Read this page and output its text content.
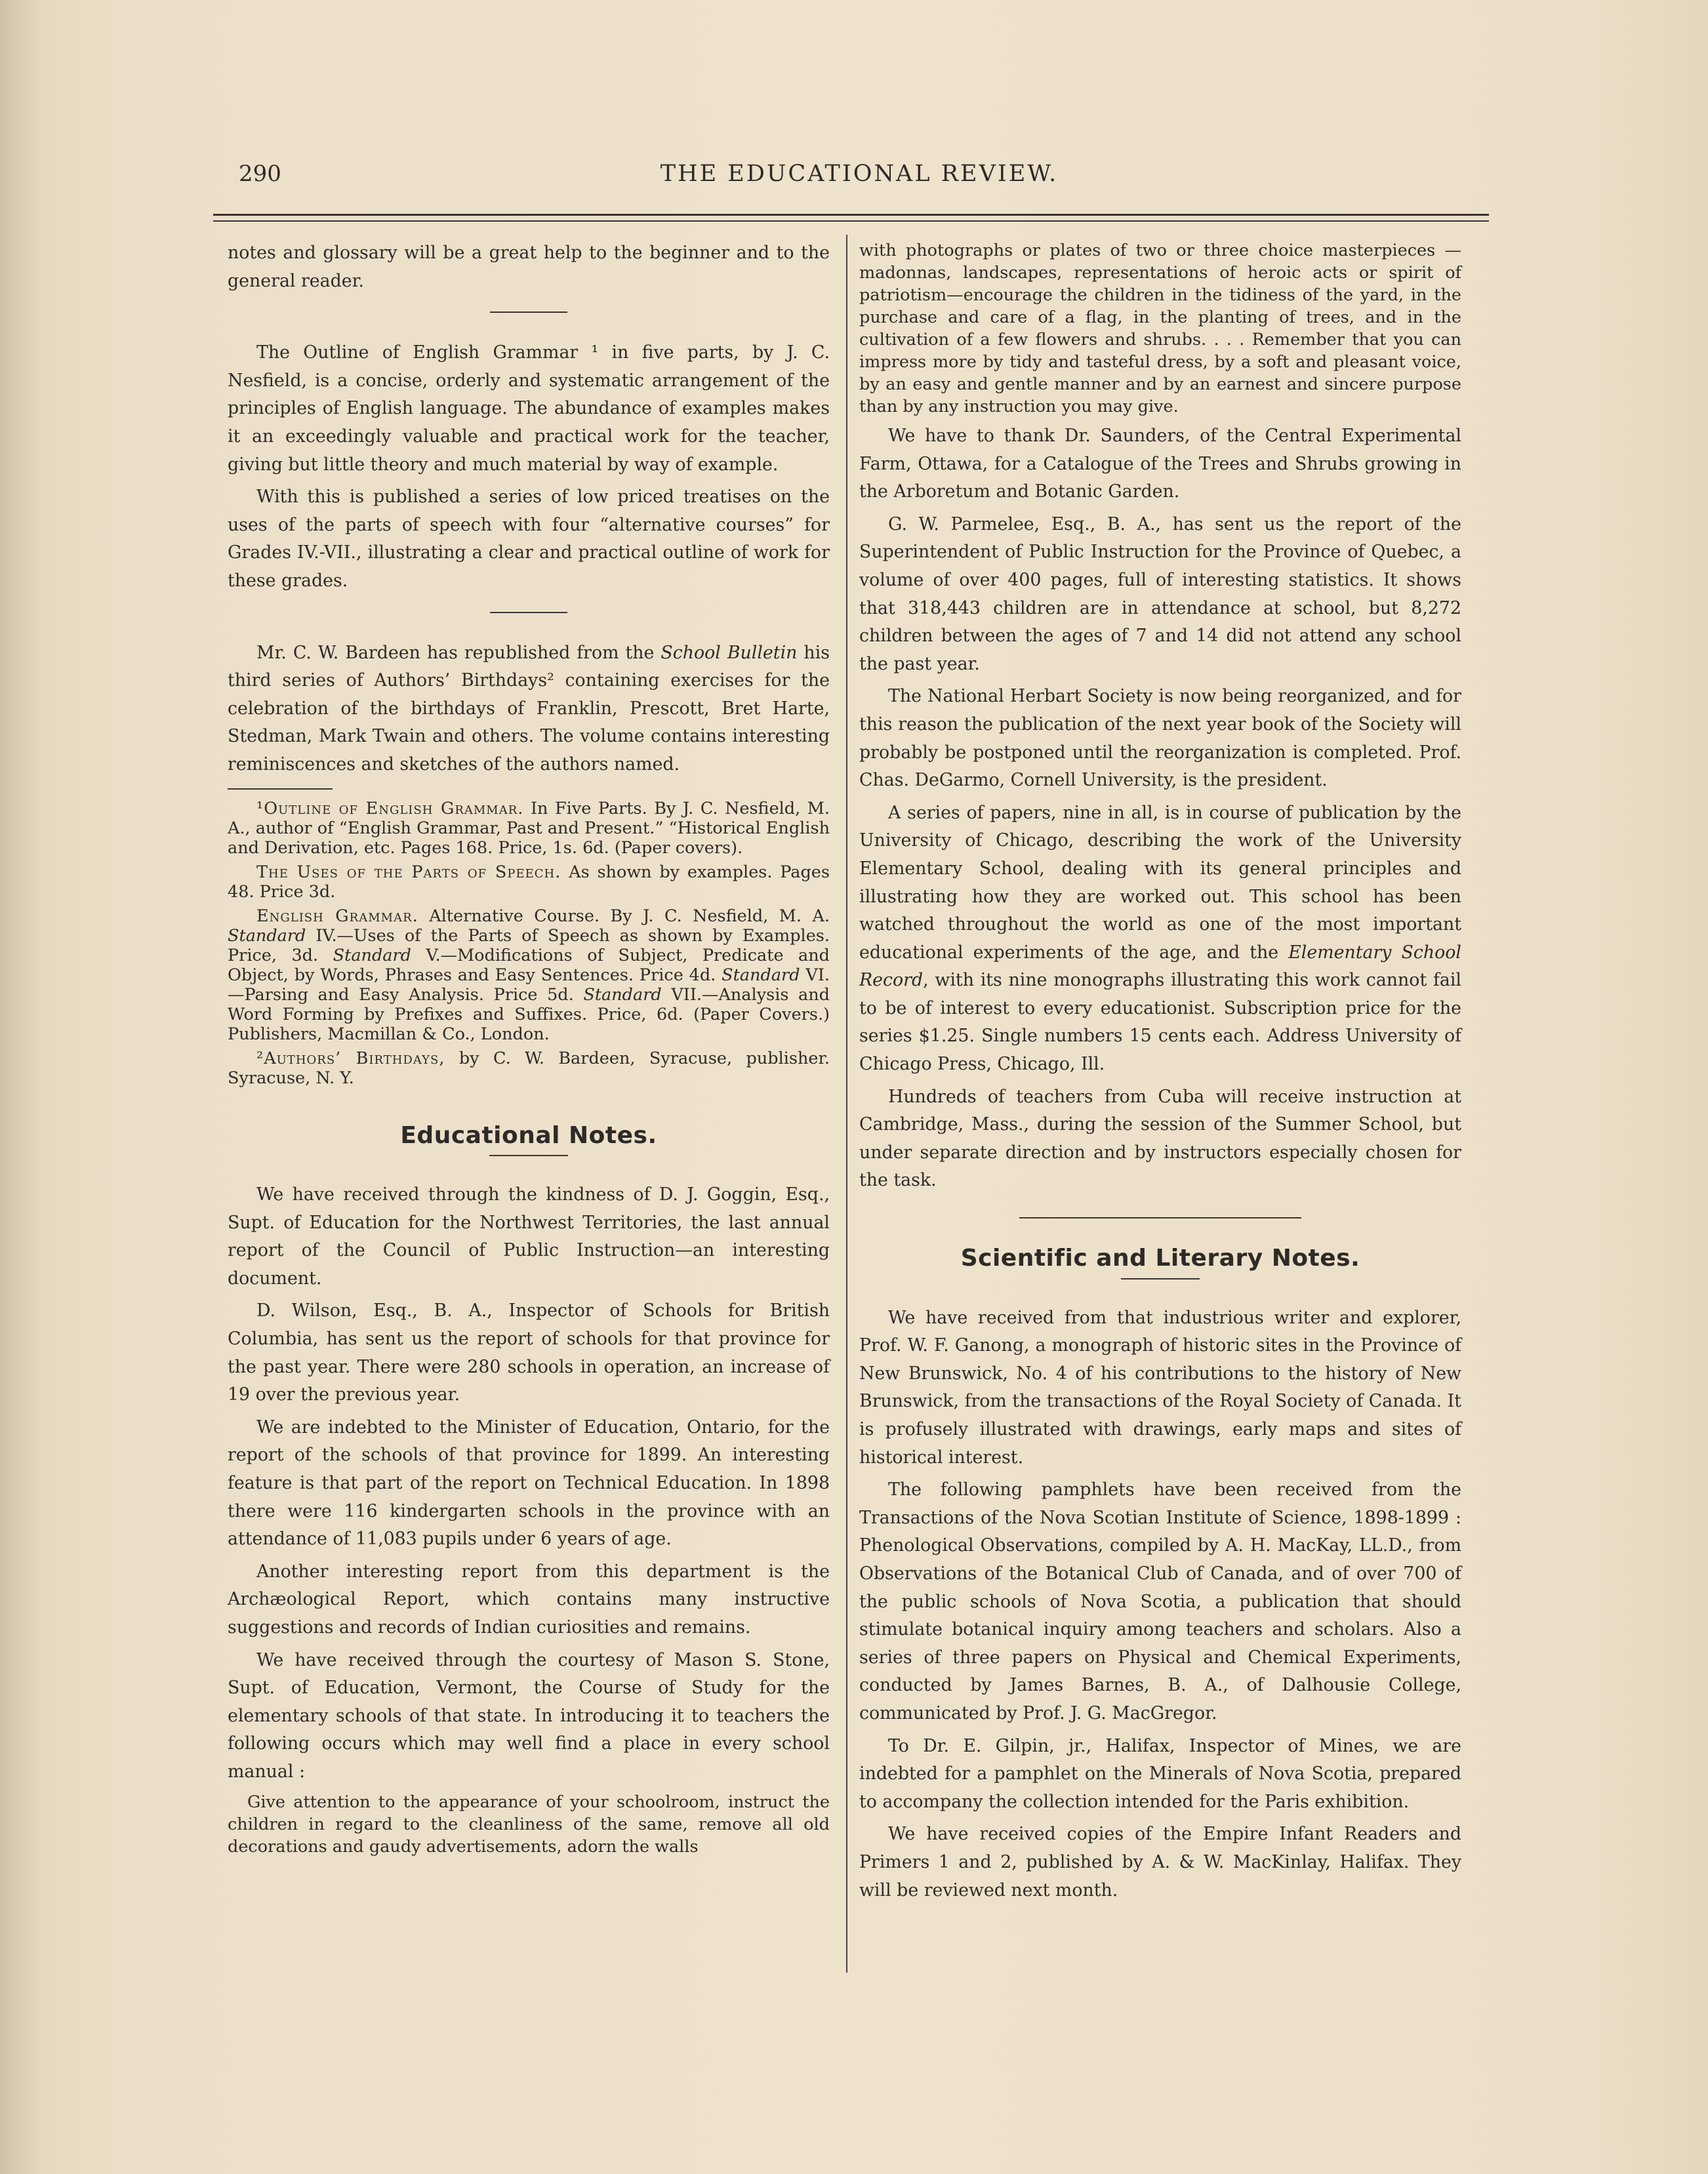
290	THE EDUCATIONAL REVIEW.

notes and glossary will be a great help to the beginner and to the general reader.

The Outline of English Grammar ¹ in five parts, by J. C. Nesfield, is a concise, orderly and systematic arrangement of the principles of English language. The abundance of examples makes it an exceedingly valuable and practical work for the teacher, giving but little theory and much material by way of example.

With this is published a series of low priced treatises on the uses of the parts of speech with four “alternative courses” for Grades IV.-VII., illustrating a clear and practical outline of work for these grades.

Mr. C. W. Bardeen has republished from the School Bulletin his third series of Authors’ Birthdays² containing exercises for the celebration of the birthdays of Franklin, Prescott, Bret Harte, Stedman, Mark Twain and others. The volume contains interesting reminiscences and sketches of the authors named.

¹Outline of English Grammar. In Five Parts. By J. C. Nesfield, M. A., author of “English Grammar, Past and Present.” “Historical English and Derivation, etc. Pages 168. Price, 1s. 6d. (Paper covers).

The Uses of the Parts of Speech. As shown by examples. Pages 48. Price 3d.

English Grammar. Alternative Course. By J. C. Nesfield, M. A. Standard IV.—Uses of the Parts of Speech as shown by Examples. Price, 3d. Standard V.—Modifications of Subject, Predicate and Object, by Words, Phrases and Easy Sentences. Price 4d. Standard VI.—Parsing and Easy Analysis. Price 5d. Standard VII.—Analysis and Word Forming by Prefixes and Suffixes. Price, 6d. (Paper Covers.) Publishers, Macmillan & Co., London.

²Authors’ Birthdays, by C. W. Bardeen, Syracuse, publisher. Syracuse, N. Y.

Educational Notes.

We have received through the kindness of D. J. Goggin, Esq., Supt. of Education for the Northwest Territories, the last annual report of the Council of Public Instruction—an interesting document.

D. Wilson, Esq., B. A., Inspector of Schools for British Columbia, has sent us the report of schools for that province for the past year. There were 280 schools in operation, an increase of 19 over the previous year.

We are indebted to the Minister of Education, Ontario, for the report of the schools of that province for 1899. An interesting feature is that part of the report on Technical Education. In 1898 there were 116 kindergarten schools in the province with an attendance of 11,083 pupils under 6 years of age.

Another interesting report from this department is the Archæological Report, which contains many instructive suggestions and records of Indian curiosities and remains.

We have received through the courtesy of Mason S. Stone, Supt. of Education, Vermont, the Course of Study for the elementary schools of that state. In introducing it to teachers the following occurs which may well find a place in every school manual :

Give attention to the appearance of your schoolroom, instruct the children in regard to the cleanliness of the same, remove all old decorations and gaudy advertisements, adorn the walls

with photographs or plates of two or three choice masterpieces —madonnas, landscapes, representations of heroic acts or spirit of patriotism—encourage the children in the tidiness of the yard, in the purchase and care of a flag, in the planting of trees, and in the cultivation of a few flowers and shrubs. . . . Remember that you can impress more by tidy and tasteful dress, by a soft and pleasant voice, by an easy and gentle manner and by an earnest and sincere purpose than by any instruction you may give.

We have to thank Dr. Saunders, of the Central Experimental Farm, Ottawa, for a Catalogue of the Trees and Shrubs growing in the Arboretum and Botanic Garden.

G. W. Parmelee, Esq., B. A., has sent us the report of the Superintendent of Public Instruction for the Province of Quebec, a volume of over 400 pages, full of interesting statistics. It shows that 318,443 children are in attendance at school, but 8,272 children between the ages of 7 and 14 did not attend any school the past year.

The National Herbart Society is now being reorganized, and for this reason the publication of the next year book of the Society will probably be postponed until the reorganization is completed. Prof. Chas. DeGarmo, Cornell University, is the president.

A series of papers, nine in all, is in course of publication by the University of Chicago, describing the work of the University Elementary School, dealing with its general principles and illustrating how they are worked out. This school has been watched throughout the world as one of the most important educational experiments of the age, and the Elementary School Record, with its nine monographs illustrating this work cannot fail to be of interest to every educationist. Subscription price for the series $1.25. Single numbers 15 cents each. Address University of Chicago Press, Chicago, Ill.

Hundreds of teachers from Cuba will receive instruction at Cambridge, Mass., during the session of the Summer School, but under separate direction and by instructors especially chosen for the task.

Scientific and Literary Notes.

We have received from that industrious writer and explorer, Prof. W. F. Ganong, a monograph of historic sites in the Province of New Brunswick, No. 4 of his contributions to the history of New Brunswick, from the transactions of the Royal Society of Canada. It is profusely illustrated with drawings, early maps and sites of historical interest.

The following pamphlets have been received from the Transactions of the Nova Scotian Institute of Science, 1898-1899 : Phenological Observations, compiled by A. H. MacKay, LL.D., from Observations of the Botanical Club of Canada, and of over 700 of the public schools of Nova Scotia, a publication that should stimulate botanical inquiry among teachers and scholars. Also a series of three papers on Physical and Chemical Experiments, conducted by James Barnes, B. A., of Dalhousie College, communicated by Prof. J. G. MacGregor.

To Dr. E. Gilpin, jr., Halifax, Inspector of Mines, we are indebted for a pamphlet on the Minerals of Nova Scotia, prepared to accompany the collection intended for the Paris exhibition.

We have received copies of the Empire Infant Readers and Primers 1 and 2, published by A. & W. MacKinlay, Halifax. They will be reviewed next month.
